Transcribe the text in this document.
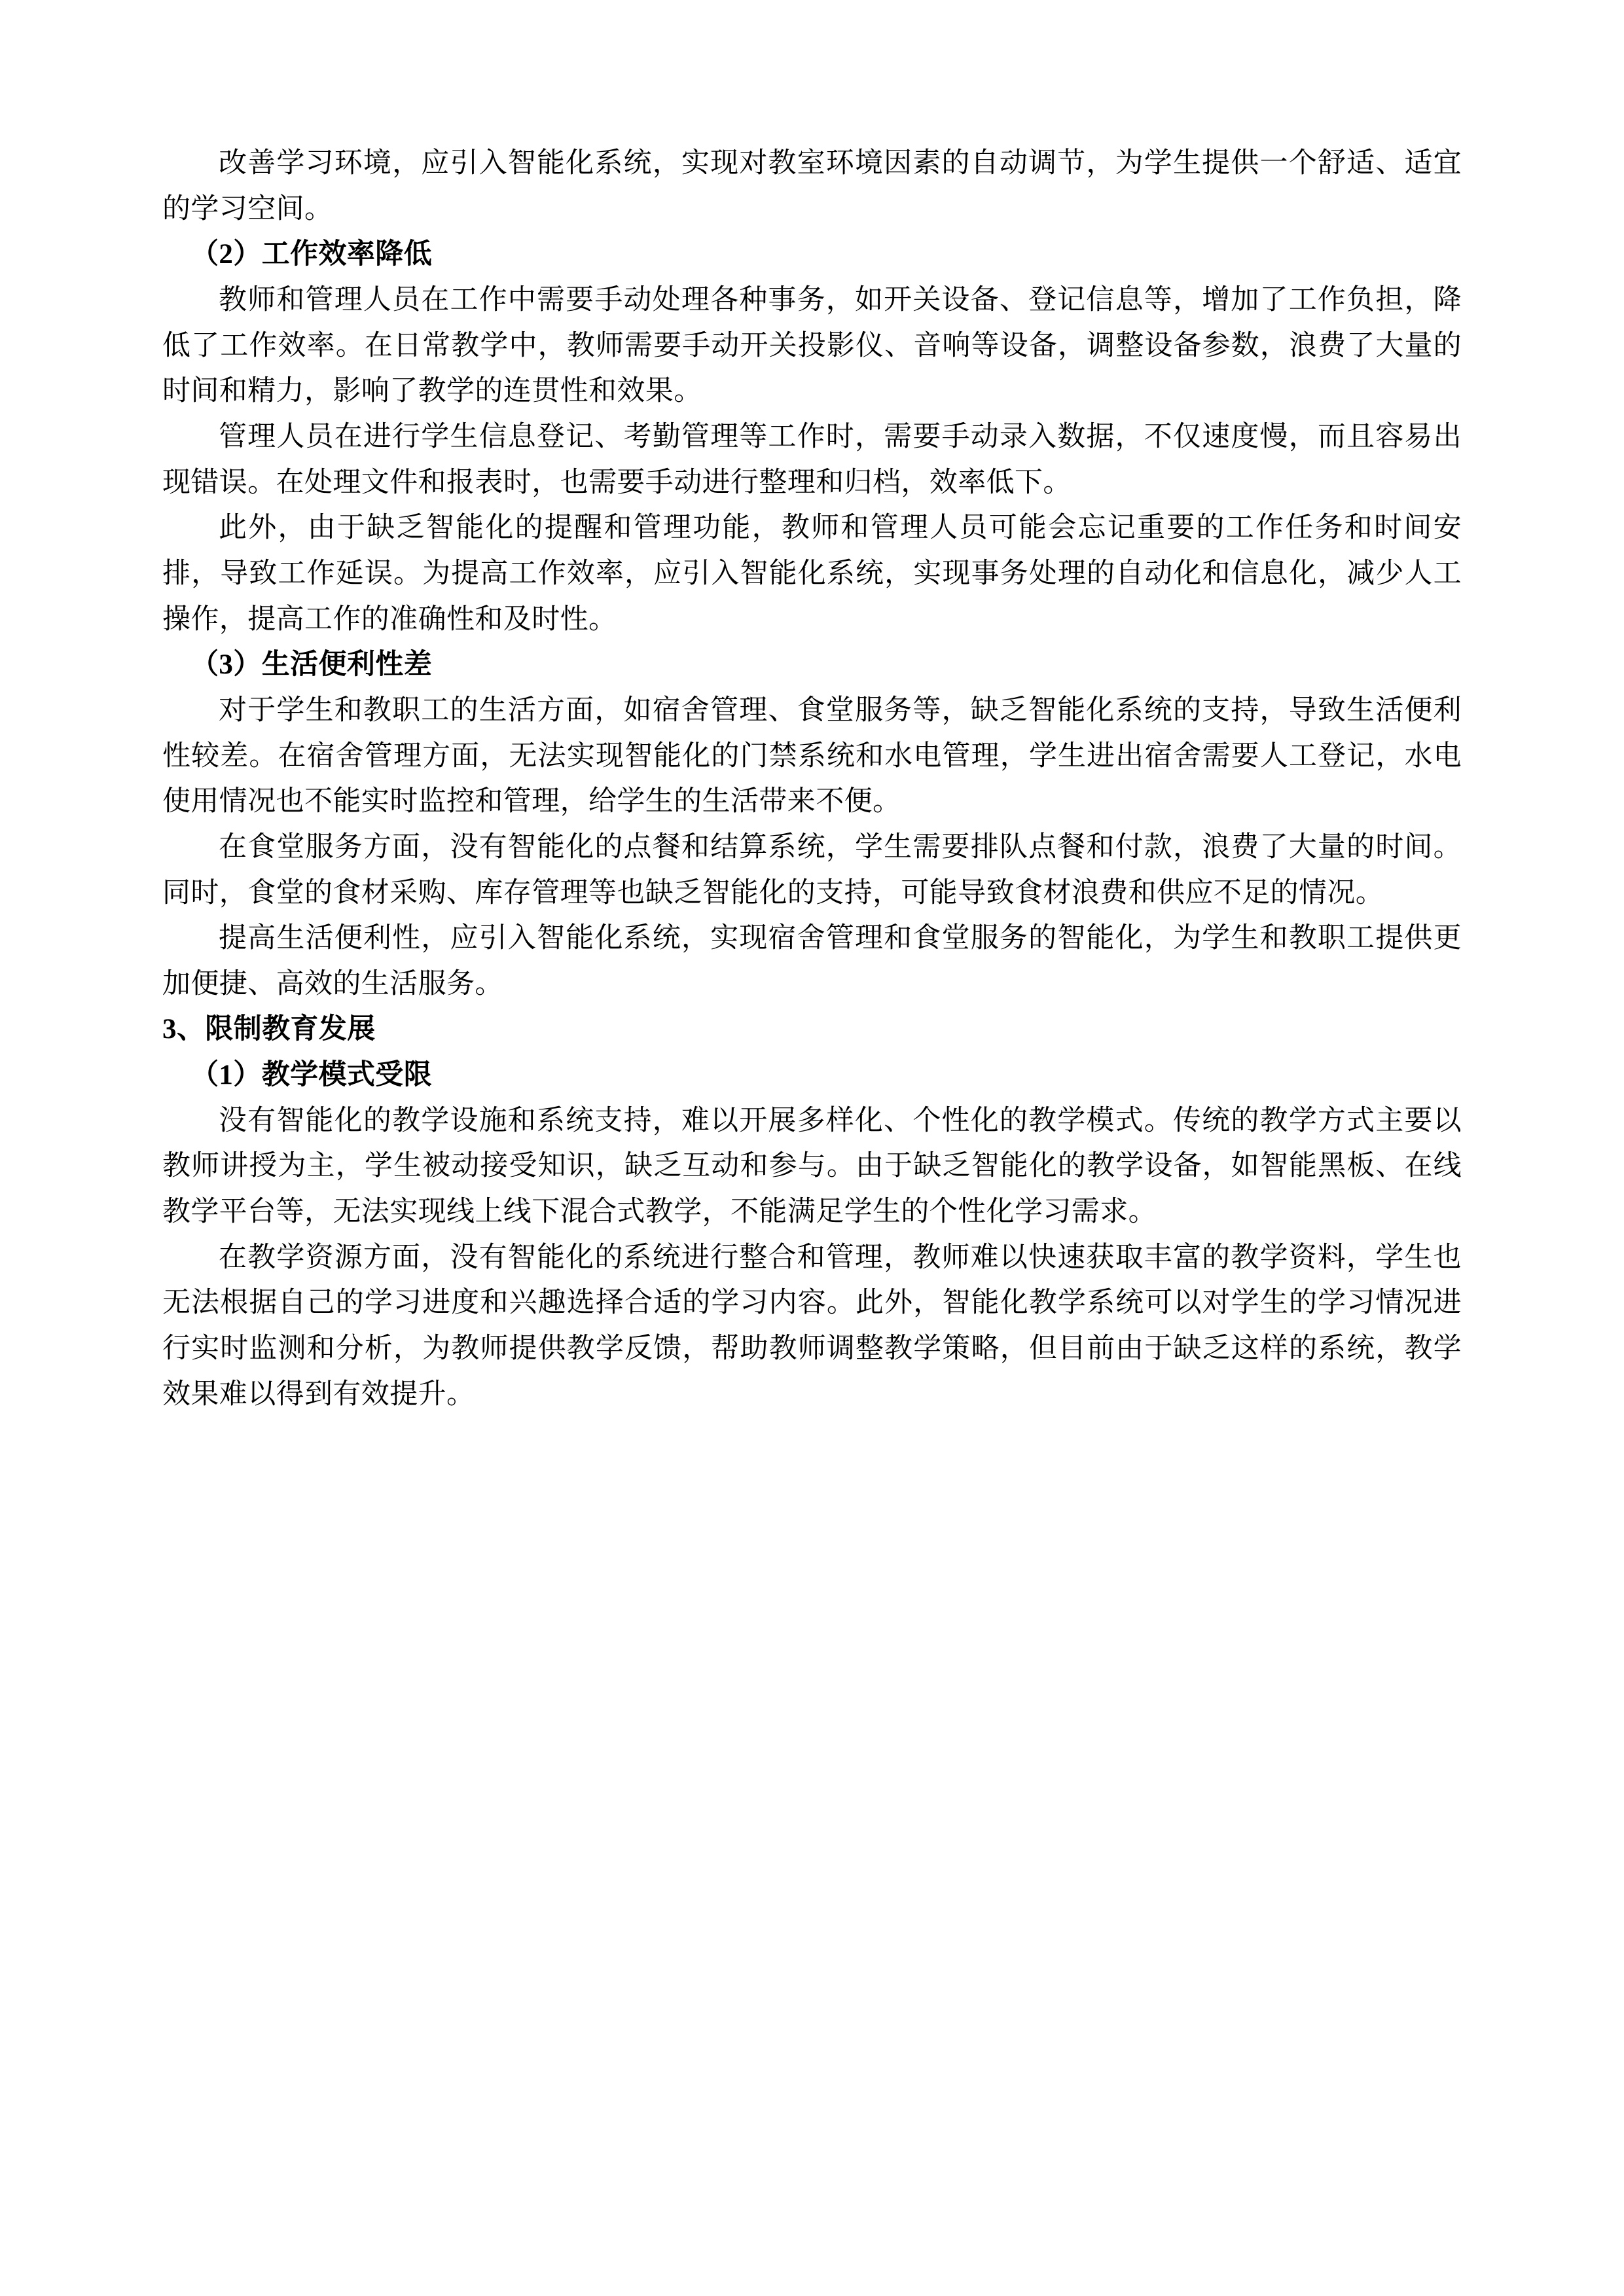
改善学习环境，应引入智能化系统，实现对教室环境因素的自动调节，为学生提供一个舒适、适宜的学习空间。

（2）工作效率降低

教师和管理人员在工作中需要手动处理各种事务，如开关设备、登记信息等，增加了工作负担，降低了工作效率。在日常教学中，教师需要手动开关投影仪、音响等设备，调整设备参数，浪费了大量的时间和精力，影响了教学的连贯性和效果。

管理人员在进行学生信息登记、考勤管理等工作时，需要手动录入数据，不仅速度慢，而且容易出现错误。在处理文件和报表时，也需要手动进行整理和归档，效率低下。

此外，由于缺乏智能化的提醒和管理功能，教师和管理人员可能会忘记重要的工作任务和时间安排，导致工作延误。为提高工作效率，应引入智能化系统，实现事务处理的自动化和信息化，减少人工操作，提高工作的准确性和及时性。

（3）生活便利性差

对于学生和教职工的生活方面，如宿舍管理、食堂服务等，缺乏智能化系统的支持，导致生活便利性较差。在宿舍管理方面，无法实现智能化的门禁系统和水电管理，学生进出宿舍需要人工登记，水电使用情况也不能实时监控和管理，给学生的生活带来不便。

在食堂服务方面，没有智能化的点餐和结算系统，学生需要排队点餐和付款，浪费了大量的时间。同时，食堂的食材采购、库存管理等也缺乏智能化的支持，可能导致食材浪费和供应不足的情况。

提高生活便利性，应引入智能化系统，实现宿舍管理和食堂服务的智能化，为学生和教职工提供更加便捷、高效的生活服务。

3、限制教育发展

（1）教学模式受限

没有智能化的教学设施和系统支持，难以开展多样化、个性化的教学模式。传统的教学方式主要以教师讲授为主，学生被动接受知识，缺乏互动和参与。由于缺乏智能化的教学设备，如智能黑板、在线教学平台等，无法实现线上线下混合式教学，不能满足学生的个性化学习需求。

在教学资源方面，没有智能化的系统进行整合和管理，教师难以快速获取丰富的教学资料，学生也无法根据自己的学习进度和兴趣选择合适的学习内容。此外，智能化教学系统可以对学生的学习情况进行实时监测和分析，为教师提供教学反馈，帮助教师调整教学策略，但目前由于缺乏这样的系统，教学效果难以得到有效提升。
